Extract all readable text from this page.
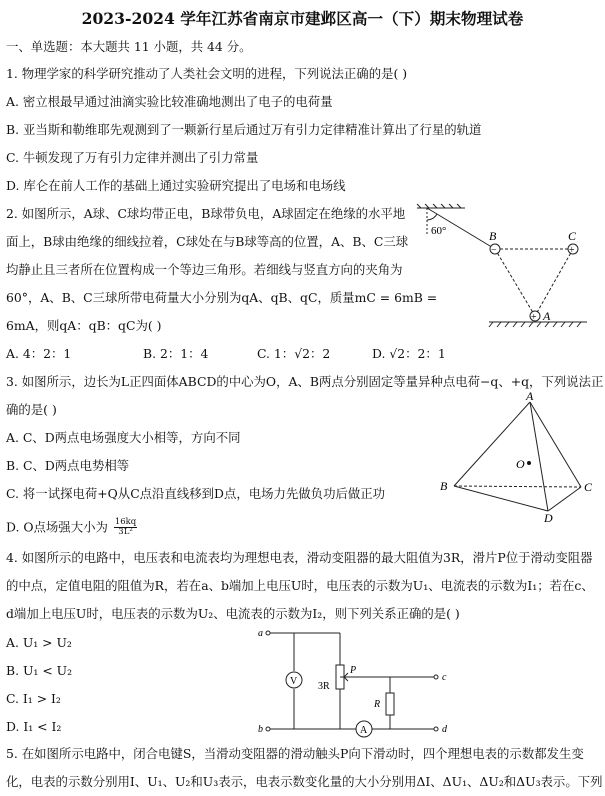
2023-2024 学年江苏省南京市建邺区高一（下）期末物理试卷
一、单选题：本大题共 11 小题，共 44 分。
1. 物理学家的科学研究推动了人类社会文明的进程，下列说法正确的是( )
A. 密立根最早通过油滴实验比较准确地测出了电子的电荷量
B. 亚当斯和勒维耶先观测到了一颗新行星后通过万有引力定律精准计算出了行星的轨道
C. 牛顿发现了万有引力定律并测出了引力常量
D. 库仑在前人工作的基础上通过实验研究提出了电场和电场线
2. 如图所示，A球、C球均带正电，B球带负电，A球固定在绝缘的水平地
面上，B球由绝缘的细线拉着，C球处在与B球等高的位置，A、B、C三球
均静止且三者所在位置构成一个等边三角形。若细线与竖直方向的夹角为
60°，A、B、C三球所带电荷量大小分别为qA、qB、qC，质量mC = 6mB =
6mA，则qA：qB：qC为( )
A. 4：2：1	B. 2：1：4	C. 1：√2：2	D. √2：2：1
60°	B	C
A
−	+
+
3. 如图所示，边长为L正四面体ABCD的中心为O，A、B两点分别固定等量异种点电荷−q、+q，下列说法正
确的是( )
A. C、D两点电场强度大小相等，方向不同
B. C、D两点电势相等
C. 将一试探电荷+Q从C点沿直线移到D点，电场力先做负功后做正功
D. O点场强大小为 $\frac{16kq}{\text{3L²}}$
A
B	C
D
O
4. 如图所示的电路中，电压表和电流表均为理想电表，滑动变阻器的最大阻值为3R，滑片P位于滑动变阻器
的中点，定值电阻的阻值为R，若在a、b端加上电压U时，电压表的示数为U₁、电流表的示数为I₁；若在c、
d端加上电压U时，电压表的示数为U₂、电流表的示数为I₂，则下列关系正确的是( )
A. U₁ > U₂
B. U₁ < U₂
C. I₁ > I₂
D. I₁ < I₂
a
b
c
d
V
A
3R
P
R
5. 在如图所示电路中，闭合电键S，当滑动变阻器的滑动触头P向下滑动时，四个理想电表的示数都发生变
化，电表的示数分别用I、U₁、U₂和U₃表示，电表示数变化量的大小分别用ΔI、ΔU₁、ΔU₂和ΔU₃表示。下列
